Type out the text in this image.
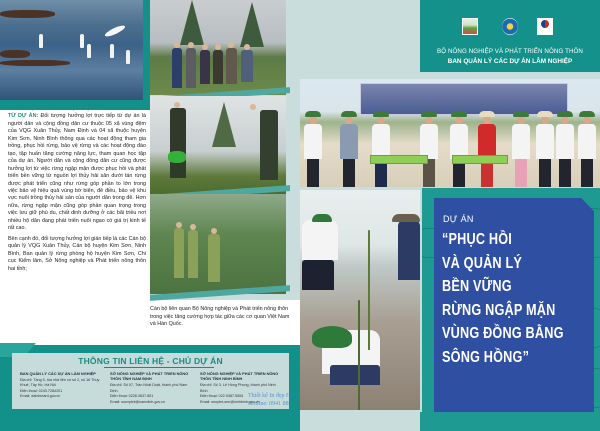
* ĐỐI TƯỢNG HƯỞNG LỢI TRỰC TIẾP VÀ GIÁN TIẾP TỪ DỰ ÁN: Đối tượng hưởng lợi trực tiếp từ dự án là người dân và cộng đồng dân cư thuộc 05 xã vùng đệm của VQG Xuân Thủy, Nam Định và 04 xã thuộc huyện Kim Sơn, Ninh Bình thông qua các hoạt động tham gia trồng, phục hồi rừng, bảo vệ rừng và các hoạt động đào tạo, tập huấn tăng cường năng lực, tham quan học tập của dự án. Người dân và cộng đồng dân cư cũng được hưởng lợi từ việc rừng ngập mặn được phục hồi và phát triển bền vững từ nguồn lợi thủy hải sản dưới tán rừng được phát triển cũng như rừng góp phần to lớn trong việc bảo vệ hiệu quả vùng bờ biển, đê điều, bảo vệ khu vực nuôi trồng thủy hải sản của người dân trong đê. Hơn nữa, rừng ngập mặn cũng góp phần quan trọng trong việc lưu giữ phù du, chất dinh dưỡng ở các bãi triều nơi nhiều hộ dân đang phát triển nuôi ngao có giá trị kinh tế rất cao.

Bên cạnh đó, đối tượng hưởng lợi gián tiếp là các Cán bộ quản lý VQG Xuân Thủy, Cán bộ huyện Kim Sơn, Ninh Bình, Ban quản lý rừng phòng hộ huyện Kim Sơn, Chi cục Kiểm lâm, Sở Nông nghiệp và Phát triển nông thôn hai tỉnh;

Cán bộ liên quan Bộ Nông nghiệp và Phát triển nông thôn trong việc tăng cường hợp tác giữa các cơ quan Việt Nam và Hàn Quốc.
THÔNG TIN LIÊN HỆ - CHỦ DỰ ÁN
BAN QUẢN LÝ CÁC DỰ ÁN LÂM NGHIỆP
Địa chỉ: Tầng 5, tòa nhà liên cơ số 2, số 16 Thụy Khuê, Tây Hồ, Hà Nội
Điện thoại: 0243.7284201
Email: dalnbmard.gov.vn
SỞ NÔNG NGHIỆP VÀ PHÁT TRIỂN NÔNG THÔN TỈNH NAM ĐỊNH
Địa chỉ: Số 07, Trần Nhật Duật, thành phố Nam Định
Điện thoại: 0228.3637.851
Email: sonnptnt@namdinh.gov.vn
SỞ NÔNG NGHIỆP VÀ PHÁT TRIỂN NÔNG THÔN TỈNH NINH BÌNH
Địa chỉ: Số 3, Lê Hồng Phong, thành phố Ninh Bình
Điện thoại: 022.9387.5506
Email: snnptnt.snn@ninhbinh.gov.vn
Thiết kế In đẹp Hà
Hotline: 0941 886
BỘ NÔNG NGHIỆP VÀ PHÁT TRIỂN NÔNG THÔN
BAN QUẢN LÝ CÁC DỰ ÁN LÂM NGHIỆP
DỰ ÁN
“PHỤC HỒI
VÀ QUẢN LÝ
BỀN VỮNG
RỪNG NGẬP MẶN
VÙNG ĐỒNG BẰNG
SÔNG HỒNG”
